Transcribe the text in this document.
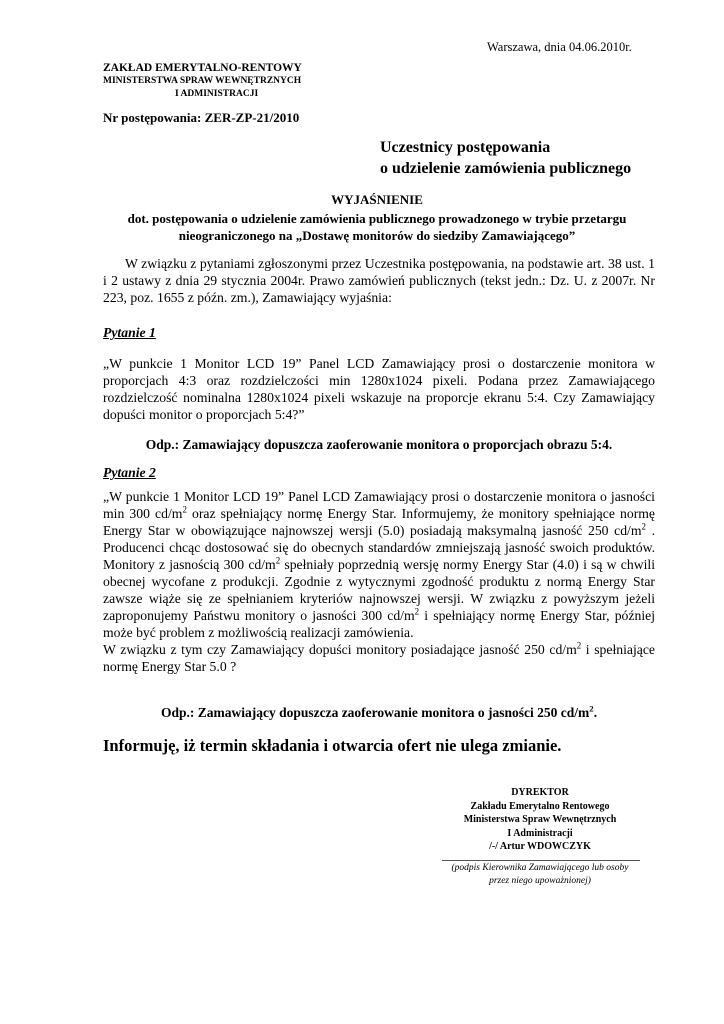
Warszawa, dnia 04.06.2010r.

ZAKŁAD EMERYTALNO-RENTOWY
MINISTERSTWA SPRAW WEWNĘTRZNYCH
I ADMINISTRACJI

Nr postępowania: ZER-ZP-21/2010

Uczestnicy postępowania
o udzielenie zamówienia publicznego

WYJAŚNIENIE

dot. postępowania o udzielenie zamówienia publicznego prowadzonego w trybie przetargu nieograniczonego na „Dostawę monitorów do siedziby Zamawiającego”

W związku z pytaniami zgłoszonymi przez Uczestnika postępowania, na podstawie art. 38 ust. 1 i 2 ustawy z dnia 29 stycznia 2004r. Prawo zamówień publicznych (tekst jedn.: Dz. U. z 2007r. Nr 223, poz. 1655 z późn. zm.), Zamawiający wyjaśnia:

Pytanie 1

„W punkcie 1 Monitor LCD 19” Panel LCD Zamawiający prosi o dostarczenie monitora w proporcjach 4:3 oraz rozdzielczości min 1280x1024 pixeli. Podana przez Zamawiającego rozdzielczość nominalna 1280x1024 pixeli wskazuje na proporcje ekranu 5:4. Czy Zamawiający dopuści monitor o proporcjach 5:4?”

Odp.: Zamawiający dopuszcza zaoferowanie monitora o proporcjach obrazu 5:4.

Pytanie 2

„W punkcie 1 Monitor LCD 19” Panel LCD Zamawiający prosi o dostarczenie monitora o jasności min 300 $cd/m^2$ oraz spełniający normę Energy Star. Informujemy, że monitory spełniające normę Energy Star w obowiązujące najnowszej wersji (5.0) posiadają maksymalną jasność 250 $cd/m^2$ . Producenci chcąc dostosować się do obecnych standardów zmniejszają jasność swoich produktów. Monitory z jasnością 300 $cd/m^2$ spełniały poprzednią wersję normy Energy Star (4.0) i są w chwili obecnej wycofane z produkcji. Zgodnie z wytycznymi zgodność produktu z normą Energy Star zawsze wiąże się ze spełnianiem kryteriów najnowszej wersji. W związku z powyższym jeżeli zaproponujemy Państwu monitory o jasności 300 $cd/m^2$ i spełniający normę Energy Star, później może być problem z możliwością realizacji zamówienia.
W związku z tym czy Zamawiający dopuści monitory posiadające jasność 250 $cd/m^2$ i spełniające normę Energy Star 5.0 ?

Odp.: Zamawiający dopuszcza zaoferowanie monitora o jasności 250 $cd/m^2$.

Informuję, iż termin składania i otwarcia ofert nie ulega zmianie.

DYREKTOR
Zakładu Emerytalno Rentowego
Ministerstwa Spraw Wewnętrznych
I Administracji
/-/ Artur WDOWCZYK
(podpis Kierownika Zamawiającego lub osoby
przez niego upoważnionej)
